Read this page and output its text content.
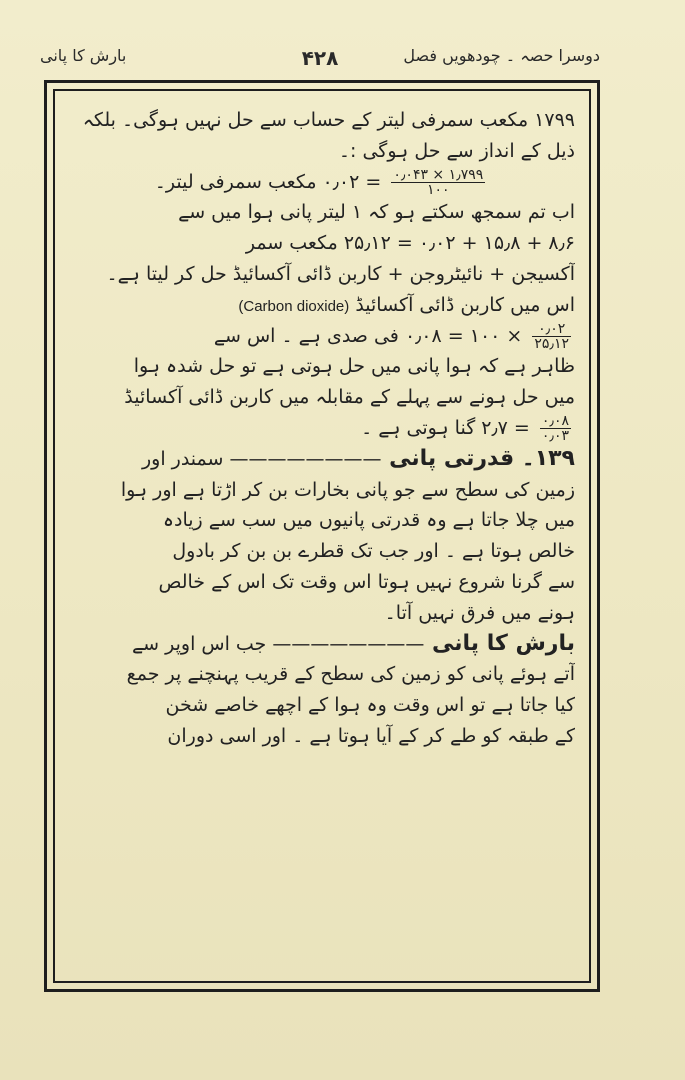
دوسرا حصہ ۔ چودھویں فصل
۴۲۸
بارش کا پانی
۱۷۹۹ مکعب سمرفی لیتر کے حساب سے حل نہیں ہوگی۔ بلکہ
ذیل کے انداز سے حل ہوگی :۔
$\frac{۱٫۷۹۹ \times ۰٫۰۴۳}{۱۰۰}$
= ۰٫۰۲ مکعب سمرفی لیتر۔
اب تم سمجھ سکتے ہو کہ ۱ لیتر پانی ہوا میں سے
۸٫۶ + ۱۵٫۸ + ۰٫۰۲ = ۲۵٫۱۲ مکعب سمر
آکسیجن + نائیٹروجن + کاربن ڈائی آکسائیڈ حل کر لیتا ہے۔
اس میں کاربن ڈائی آکسائیڈ (Carbon dioxide)
$\frac{۰٫۰۲}{۲۵٫۱۲}$
× ۱۰۰ = ۰٫۰۸ فی صدی ہے ۔ اس سے
ظاہر ہے کہ ہوا پانی میں حل ہوتی ہے تو حل شدہ ہوا
میں حل ہونے سے پہلے کے مقابلہ میں کاربن ڈائی آکسائیڈ
$\frac{۰٫۰۸}{۰٫۰۳}$
= ۲٫۷ گنا ہوتی ہے ۔
۱۳۹۔ قدرتی پانی ———————— سمندر اور
زمین کی سطح سے جو پانی بخارات بن کر اڑتا ہے اور ہوا
میں چلا جاتا ہے وہ قدرتی پانیوں میں سب سے زیادہ
خالص ہوتا ہے ۔ اور جب تک قطرے بن بن کر بادول
سے گرنا شروع نہیں ہوتا اس وقت تک اس کے خالص
ہونے میں فرق نہیں آتا۔
بارش کا پانی ———————— جب اس اوپر سے
آتے ہوئے پانی کو زمین کی سطح کے قریب پہنچنے پر جمع
کیا جاتا ہے تو اس وقت وہ ہوا کے اچھے خاصے شخن
کے طبقہ کو طے کر کے آیا ہوتا ہے ۔ اور اسی دوران
